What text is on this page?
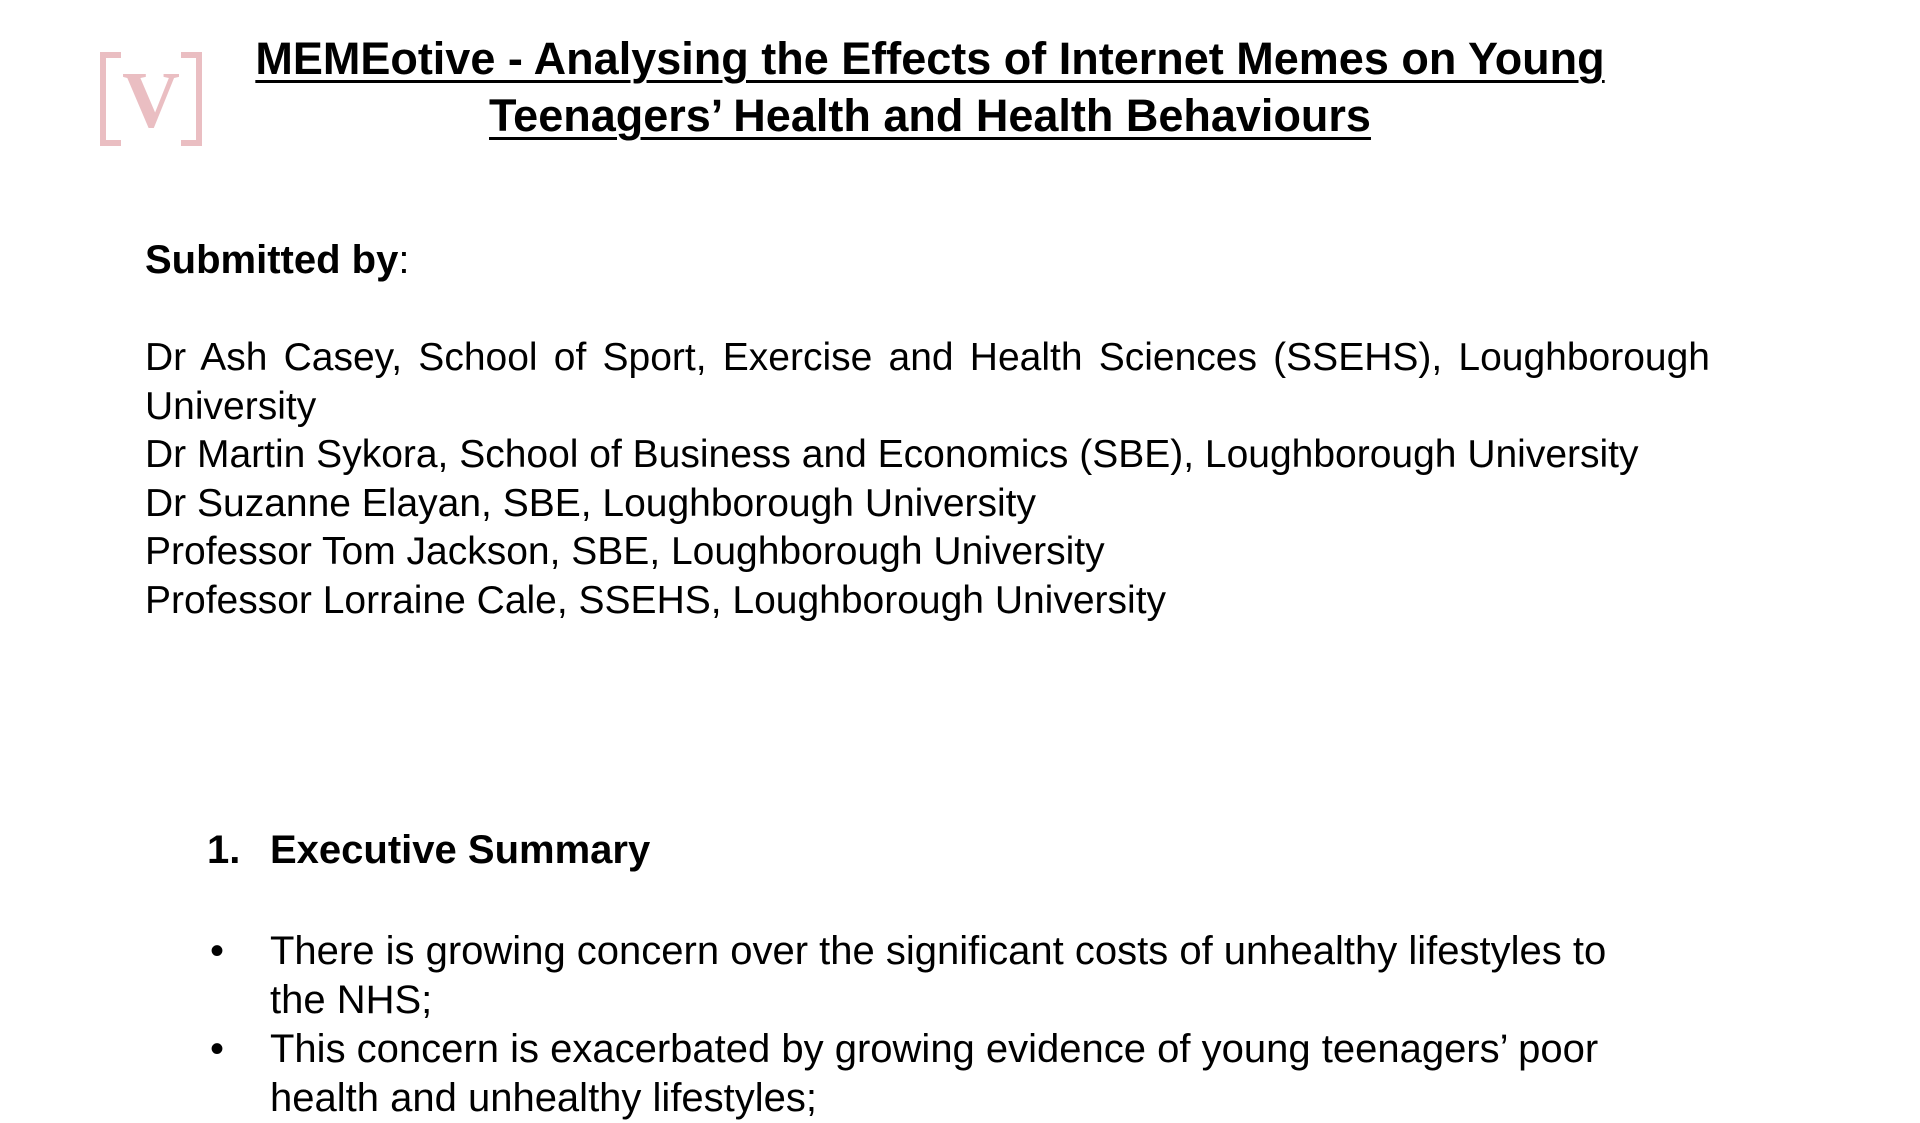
V	MEMEotive - Analysing the Effects of Internet Memes on Young
Teenagers’ Health and Health Behaviours
Submitted by:
Dr Ash Casey, School of Sport, Exercise and Health Sciences (SSEHS), Loughborough University
Dr Martin Sykora, School of Business and Economics (SBE), Loughborough University
Dr Suzanne Elayan, SBE, Loughborough University
Professor Tom Jackson, SBE, Loughborough University
Professor Lorraine Cale, SSEHS, Loughborough University
1. Executive Summary
• There is growing concern over the significant costs of unhealthy lifestyles to the NHS;
• This concern is exacerbated by growing evidence of young teenagers’ poor health and unhealthy lifestyles;
